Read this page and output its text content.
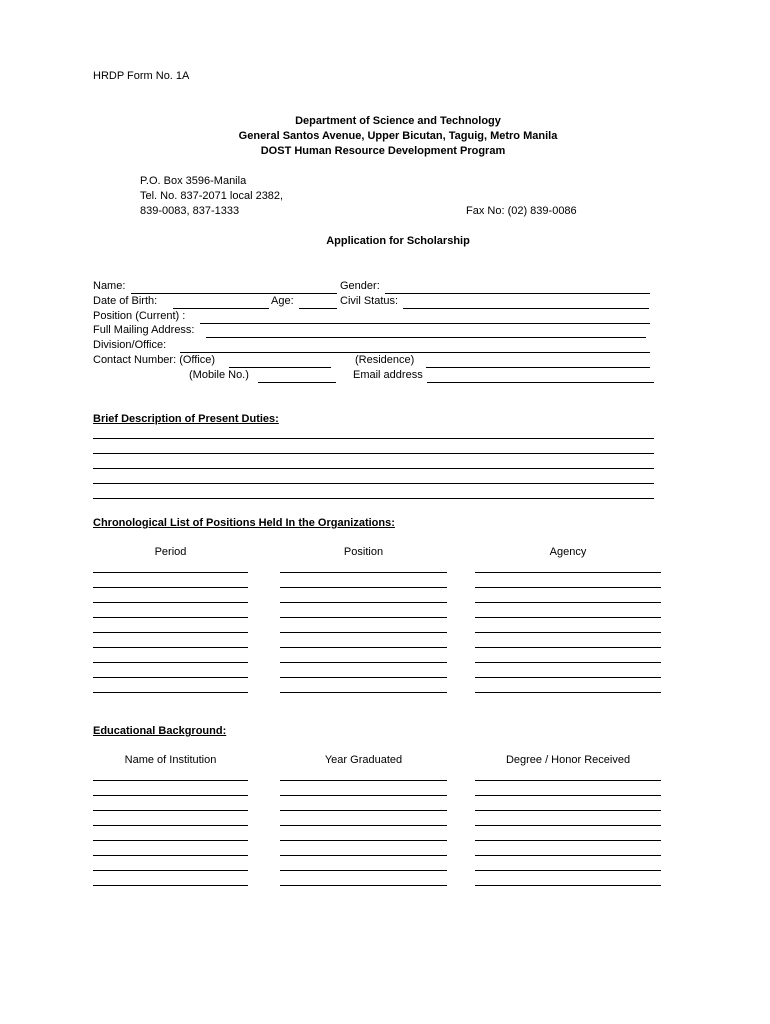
HRDP Form No. 1A
Department of Science and Technology
General Santos Avenue, Upper Bicutan, Taguig, Metro Manila
DOST Human Resource Development Program
P.O. Box 3596-Manila
Tel. No. 837-2071 local 2382,
839-0083, 837-1333	Fax No: (02) 839-0086
Application for Scholarship
Name:	Gender:
Date of Birth:	Age:	Civil Status:
Position (Current) :
Full Mailing Address:
Division/Office:
Contact Number: (Office)	(Residence)
(Mobile No.)	Email address
Brief Description of Present Duties:
Chronological List of Positions Held In the Organizations:
Period	Position	Agency
Educational Background:
Name of Institution	Year Graduated	Degree / Honor Received
